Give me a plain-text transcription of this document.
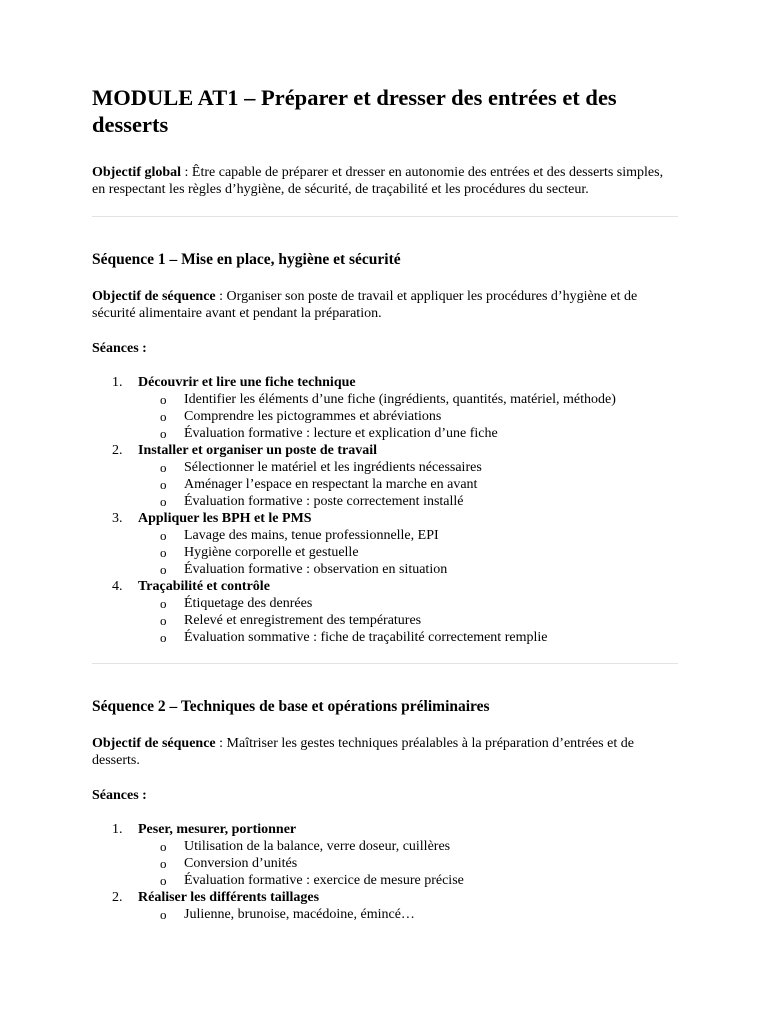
MODULE AT1 – Préparer et dresser des entrées et des desserts

Objectif global : Être capable de préparer et dresser en autonomie des entrées et des desserts simples, en respectant les règles d’hygiène, de sécurité, de traçabilité et les procédures du secteur.

Séquence 1 – Mise en place, hygiène et sécurité

Objectif de séquence : Organiser son poste de travail et appliquer les procédures d’hygiène et de sécurité alimentaire avant et pendant la préparation.

Séances :

1. Découvrir et lire une fiche technique
o Identifier les éléments d’une fiche (ingrédients, quantités, matériel, méthode)
o Comprendre les pictogrammes et abréviations
o Évaluation formative : lecture et explication d’une fiche
2. Installer et organiser un poste de travail
o Sélectionner le matériel et les ingrédients nécessaires
o Aménager l’espace en respectant la marche en avant
o Évaluation formative : poste correctement installé
3. Appliquer les BPH et le PMS
o Lavage des mains, tenue professionnelle, EPI
o Hygiène corporelle et gestuelle
o Évaluation formative : observation en situation
4. Traçabilité et contrôle
o Étiquetage des denrées
o Relevé et enregistrement des températures
o Évaluation sommative : fiche de traçabilité correctement remplie
Séquence 2 – Techniques de base et opérations préliminaires

Objectif de séquence : Maîtriser les gestes techniques préalables à la préparation d’entrées et de desserts.

Séances :

1. Peser, mesurer, portionner
o Utilisation de la balance, verre doseur, cuillères
o Conversion d’unités
o Évaluation formative : exercice de mesure précise
2. Réaliser les différents taillages
o Julienne, brunoise, macédoine, émincé…
